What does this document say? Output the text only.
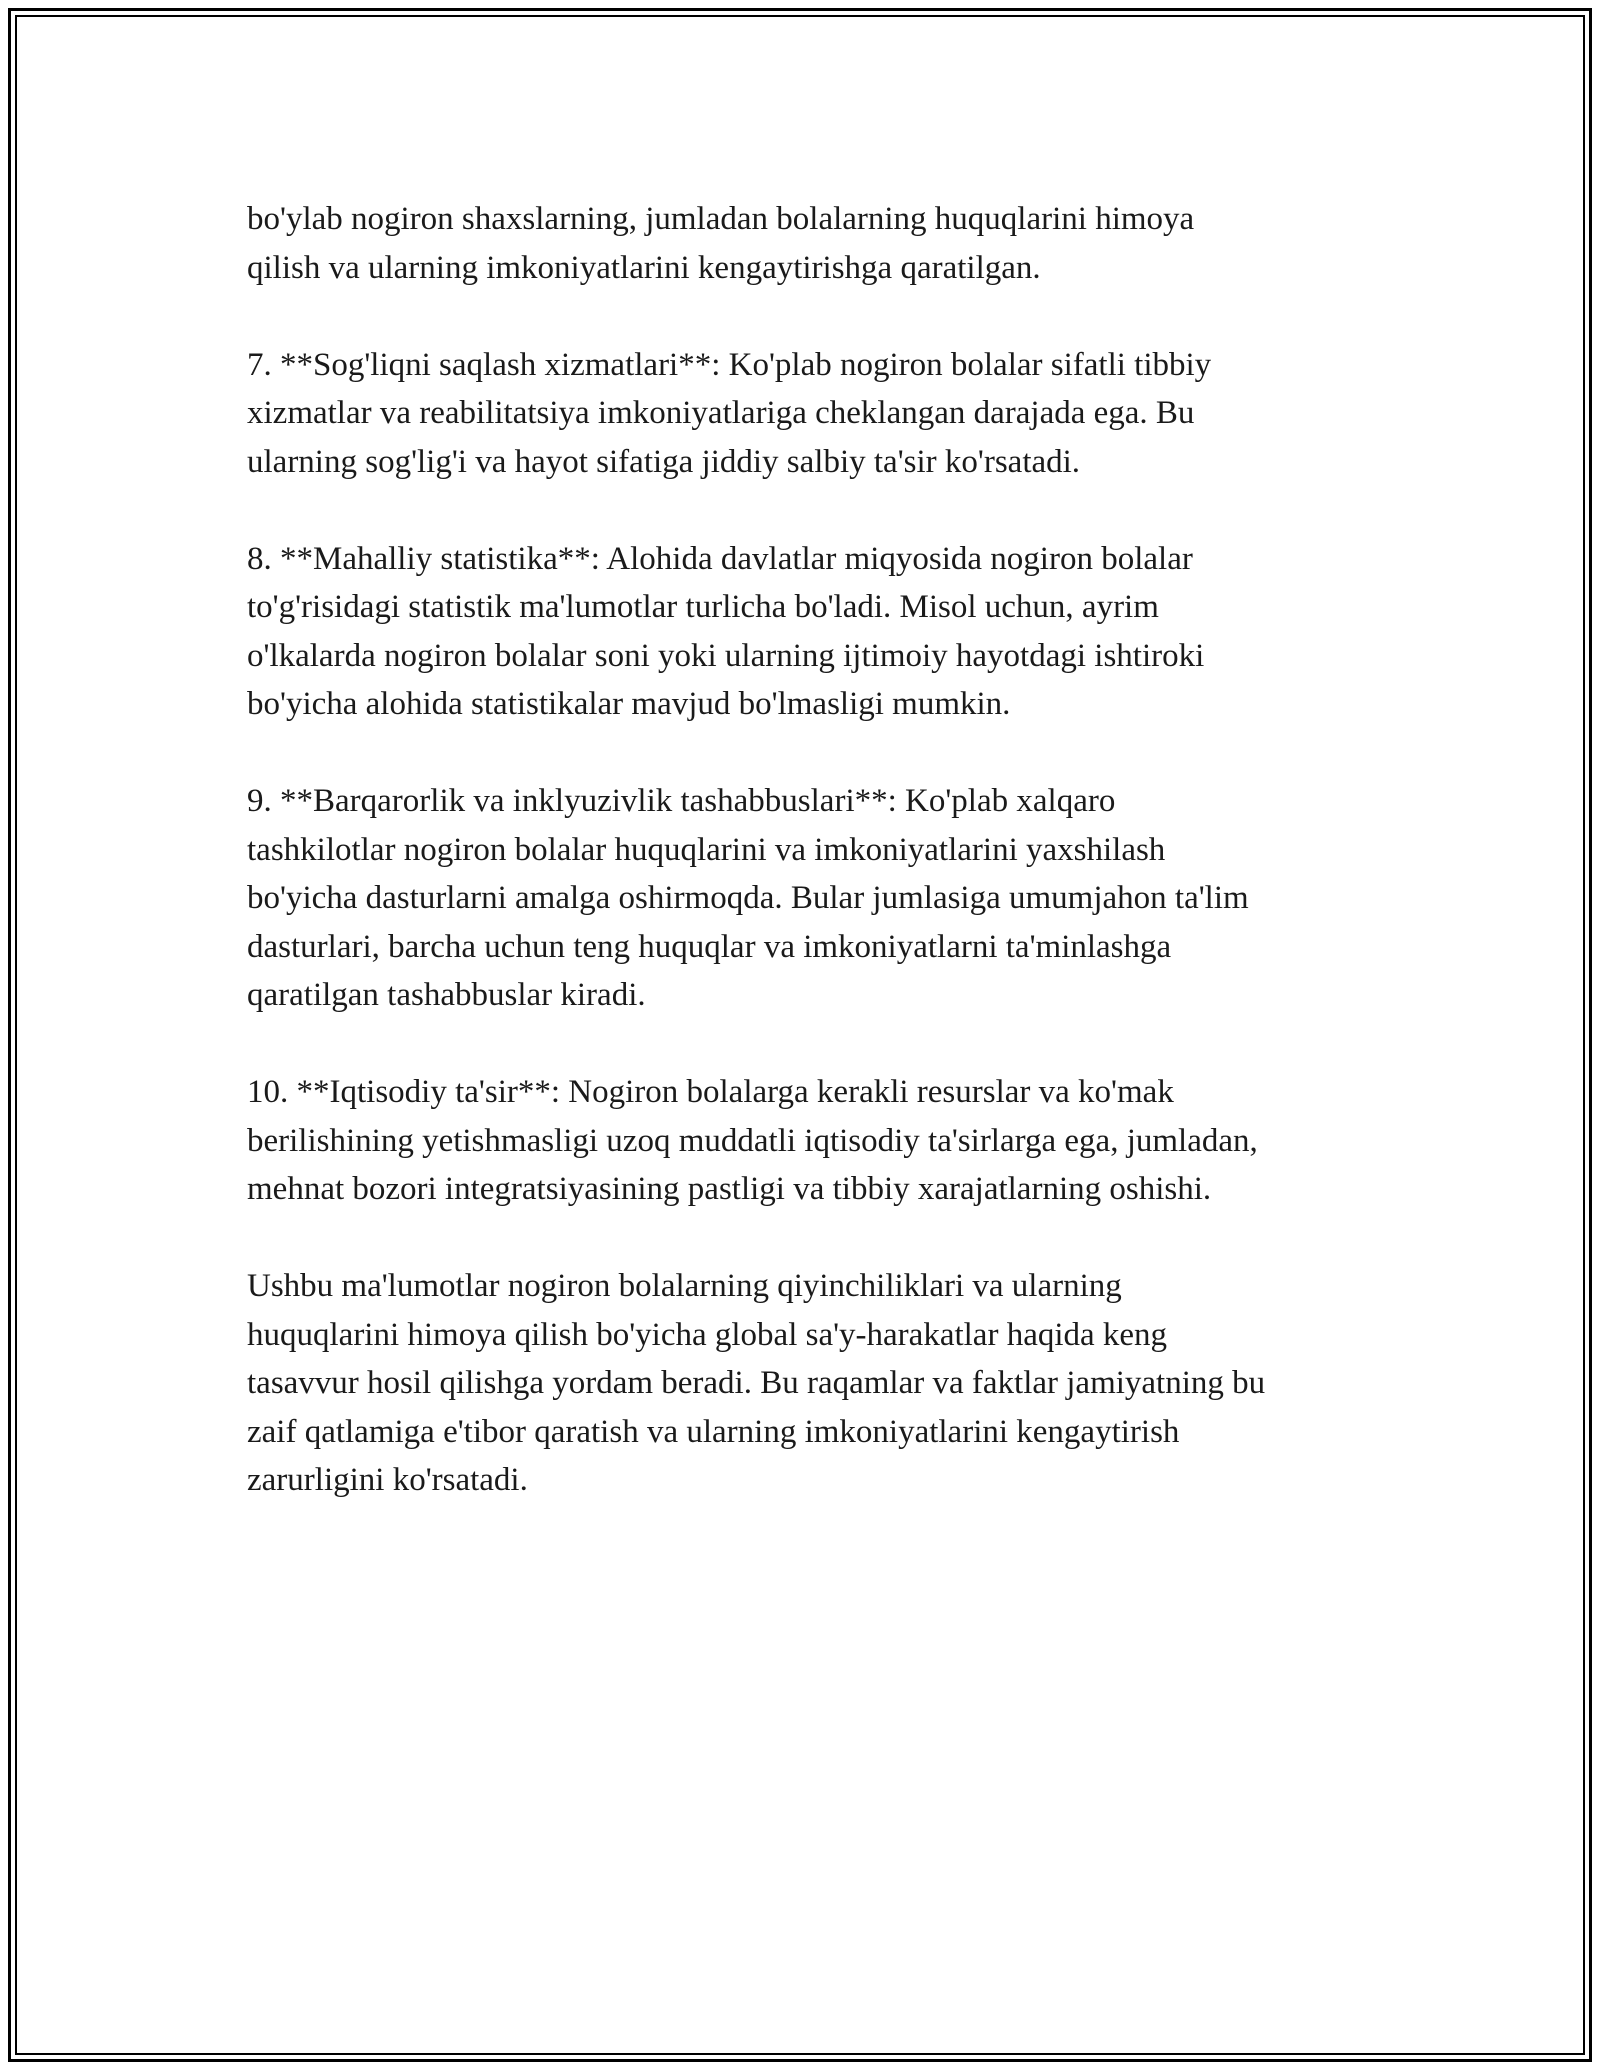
bo'ylab nogiron shaxslarning, jumladan bolalarning huquqlarini himoya
qilish va ularning imkoniyatlarini kengaytirishga qaratilgan.

7. **Sog'liqni saqlash xizmatlari**: Ko'plab nogiron bolalar sifatli tibbiy
xizmatlar va reabilitatsiya imkoniyatlariga cheklangan darajada ega. Bu
ularning sog'lig'i va hayot sifatiga jiddiy salbiy ta'sir ko'rsatadi.

8. **Mahalliy statistika**: Alohida davlatlar miqyosida nogiron bolalar
to'g'risidagi statistik ma'lumotlar turlicha bo'ladi. Misol uchun, ayrim
o'lkalarda nogiron bolalar soni yoki ularning ijtimoiy hayotdagi ishtiroki
bo'yicha alohida statistikalar mavjud bo'lmasligi mumkin.

9. **Barqarorlik va inklyuzivlik tashabbuslari**: Ko'plab xalqaro
tashkilotlar nogiron bolalar huquqlarini va imkoniyatlarini yaxshilash
bo'yicha dasturlarni amalga oshirmoqda. Bular jumlasiga umumjahon ta'lim
dasturlari, barcha uchun teng huquqlar va imkoniyatlarni ta'minlashga
qaratilgan tashabbuslar kiradi.

10. **Iqtisodiy ta'sir**: Nogiron bolalarga kerakli resurslar va ko'mak
berilishining yetishmasligi uzoq muddatli iqtisodiy ta'sirlarga ega, jumladan,
mehnat bozori integratsiyasining pastligi va tibbiy xarajatlarning oshishi.

Ushbu ma'lumotlar nogiron bolalarning qiyinchiliklari va ularning
huquqlarini himoya qilish bo'yicha global sa'y-harakatlar haqida keng
tasavvur hosil qilishga yordam beradi. Bu raqamlar va faktlar jamiyatning bu
zaif qatlamiga e'tibor qaratish va ularning imkoniyatlarini kengaytirish
zarurligini ko'rsatadi.
